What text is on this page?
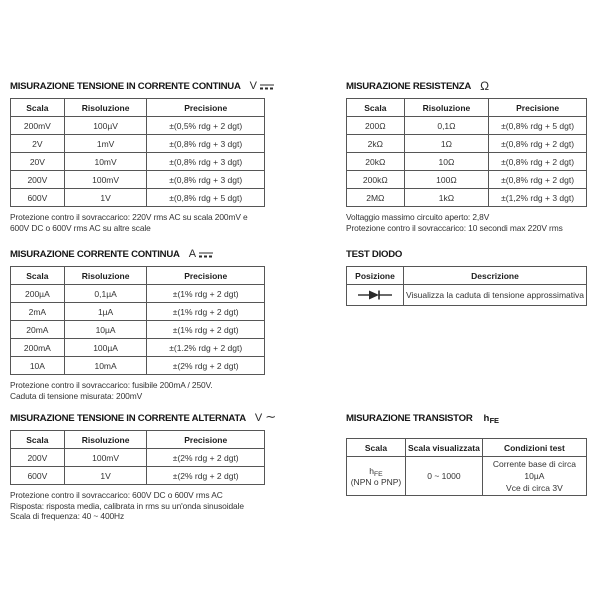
MISURAZIONE TENSIONE IN CORRENTE CONTINUA V
Scala	Risoluzione	Precisione
200mV	100µV	±(0,5% rdg + 2 dgt)
2V	1mV	±(0,8% rdg + 3 dgt)
20V	10mV	±(0,8% rdg + 3 dgt)
200V	100mV	±(0,8% rdg + 3 dgt)
600V	1V	±(0,8% rdg + 5 dgt)
Protezione contro il sovraccarico: 220V rms AC su scala 200mV e
600V DC o 600V rms AC su altre scale
MISURAZIONE CORRENTE CONTINUA A
Scala	Risoluzione	Precisione
200µA	0,1µA	±(1% rdg + 2 dgt)
2mA	1µA	±(1% rdg + 2 dgt)
20mA	10µA	±(1% rdg + 2 dgt)
200mA	100µA	±(1.2% rdg + 2 dgt)
10A	10mA	±(2% rdg + 2 dgt)
Protezione contro il sovraccarico: fusibile 200mA / 250V.
Caduta di tensione misurata: 200mV
MISURAZIONE TENSIONE IN CORRENTE ALTERNATA V ∼
Scala	Risoluzione	Precisione
200V	100mV	±(2% rdg + 2 dgt)
600V	1V	±(2% rdg + 2 dgt)
Protezione contro il sovraccarico: 600V DC o 600V rms AC
Risposta: risposta media, calibrata in rms su un'onda sinusoidale
Scala di frequenza: 40 ~ 400Hz
MISURAZIONE RESISTENZA Ω
Scala	Risoluzione	Precisione
200Ω	0,1Ω	±(0,8% rdg + 5 dgt)
2kΩ	1Ω	±(0,8% rdg + 2 dgt)
20kΩ	10Ω	±(0,8% rdg + 2 dgt)
200kΩ	100Ω	±(0,8% rdg + 2 dgt)
2MΩ	1kΩ	±(1,2% rdg + 3 dgt)
Voltaggio massimo circuito aperto: 2,8V
Protezione contro il sovraccarico: 10 secondi max 220V rms
TEST DIODO
Posizione	Descrizione
	Visualizza la caduta di tensione approssimativa
MISURAZIONE TRANSISTOR $h_{FE}$
Scala	Scala visualizzata	Condizioni test
$h_{FE}$
(NPN o PNP)	0 ~ 1000	Corrente base di circa 10µA
Vce di circa 3V
